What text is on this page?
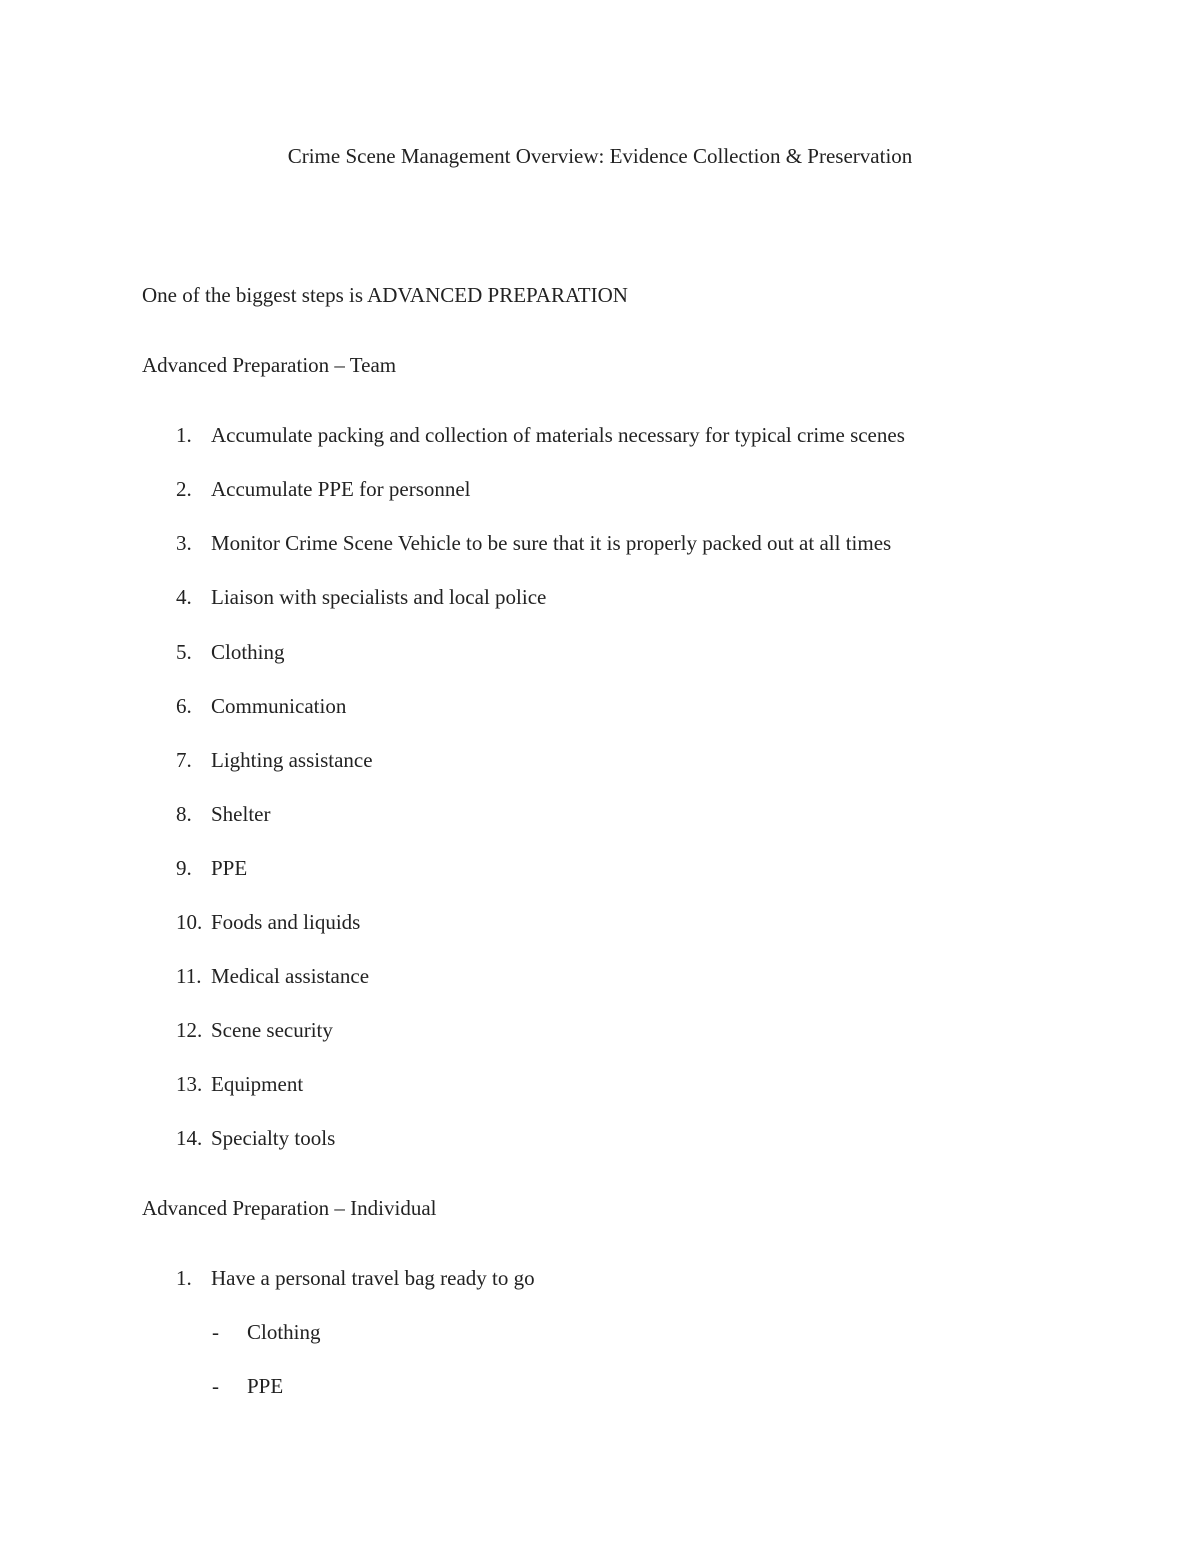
Crime Scene Management Overview: Evidence Collection & Preservation

One of the biggest steps is ADVANCED PREPARATION

Advanced Preparation – Team

1. Accumulate packing and collection of materials necessary for typical crime scenes
2. Accumulate PPE for personnel
3. Monitor Crime Scene Vehicle to be sure that it is properly packed out at all times
4. Liaison with specialists and local police
5. Clothing
6. Communication
7. Lighting assistance
8. Shelter
9. PPE
10. Foods and liquids
11. Medical assistance
12. Scene security
13. Equipment
14. Specialty tools

Advanced Preparation – Individual

1. Have a personal travel bag ready to go
- Clothing
- PPE
